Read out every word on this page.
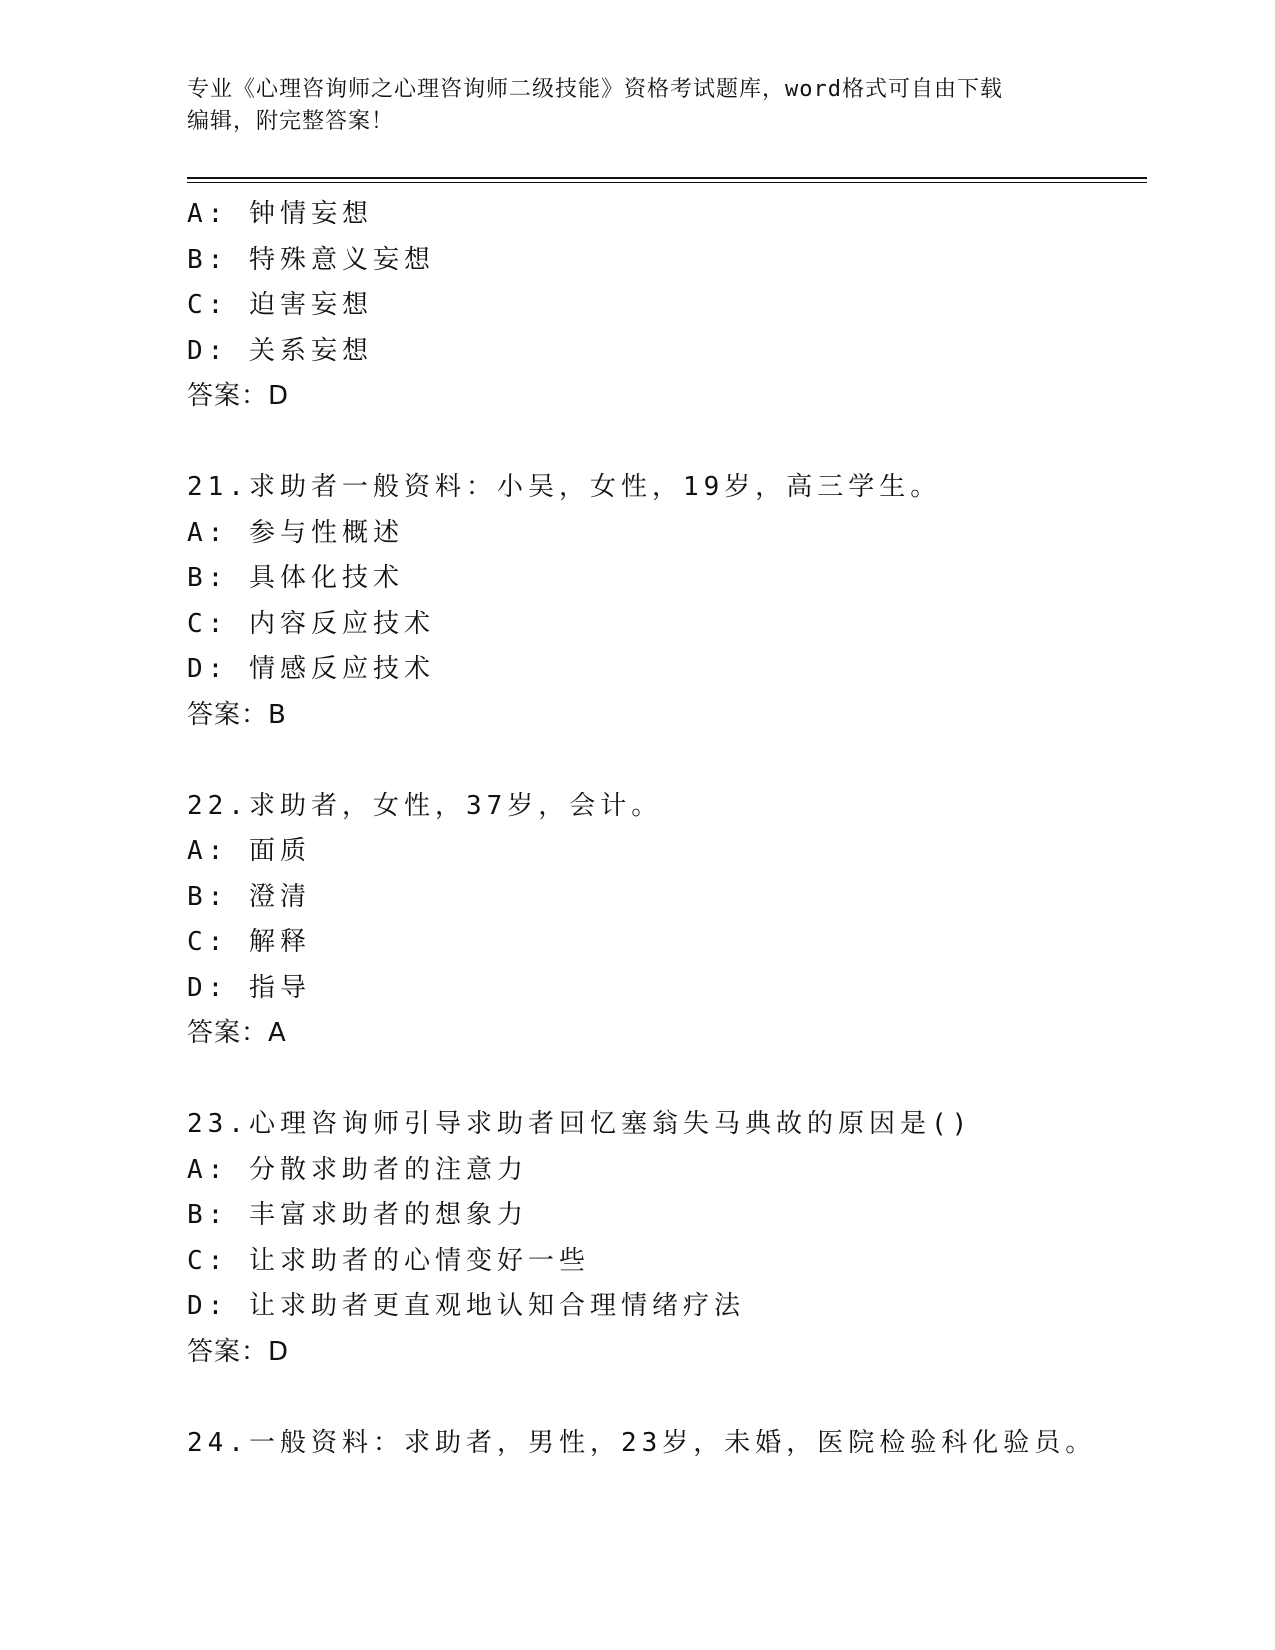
专业《心理咨询师之心理咨询师二级技能》资格考试题库，word格式可自由下载
编辑，附完整答案！
A: 钟情妄想
B: 特殊意义妄想
C: 迫害妄想
D: 关系妄想
答案：D
21.求助者一般资料：小吴，女性，19岁，高三学生。
A: 参与性概述
B: 具体化技术
C: 内容反应技术
D: 情感反应技术
答案：B
22.求助者，女性，37岁，会计。
A: 面质
B: 澄清
C: 解释
D: 指导
答案：A
23.心理咨询师引导求助者回忆塞翁失马典故的原因是()
A: 分散求助者的注意力
B: 丰富求助者的想象力
C: 让求助者的心情变好一些
D: 让求助者更直观地认知合理情绪疗法
答案：D
24.一般资料：求助者，男性，23岁，未婚，医院检验科化验员。
